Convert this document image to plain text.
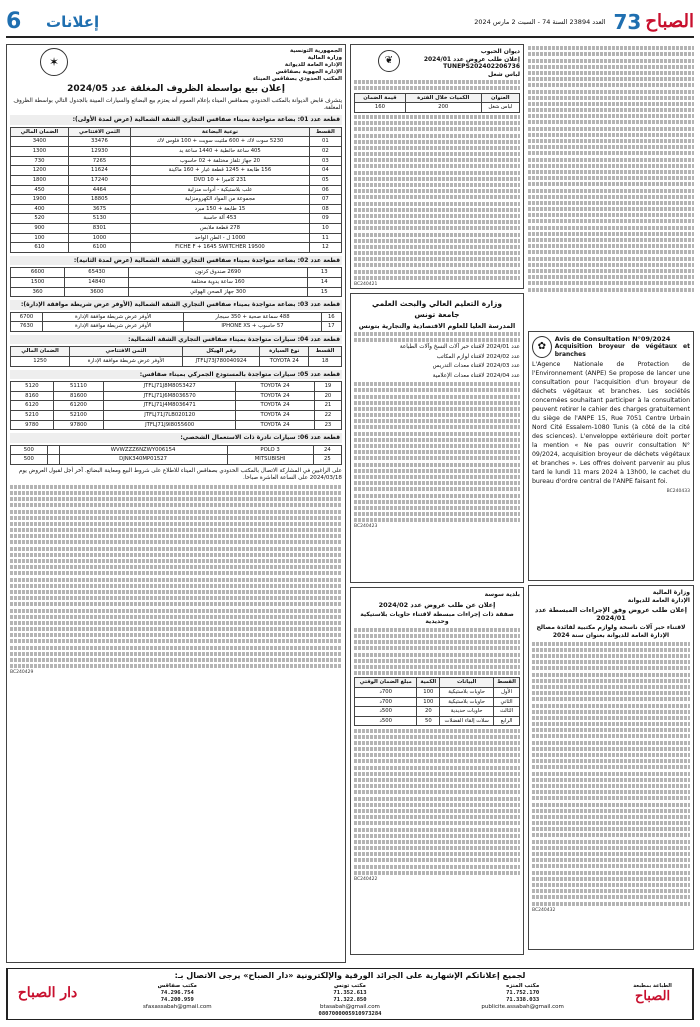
6	إعلانات	العدد 23894 السنة 74 - السبت 2 مارس 2024 الصباح
73
الجمهورية التونسية
وزارة المالية
الإدارة العامة للديوانة
الإدارة الجهوية بصفاقس
المكتب الحدودي بصفاقس الميناء
✶
إعلان بيع بواسطة الظروف المغلقة عدد 2024/05
يتشرف قابض الديوانة بالمكتب الحدودي بصفاقس الميناء بإعلام العموم أنه يعتزم بيع البضائع والسيارات المبينة بالجدول التالي بواسطة الظروف المغلقة.
قطعة عدد 01: بضاعة متواجدة بميناء صفاقس التجاري الشقة الشمالية (عرض لمدة الأولى):
القسط	نوعية البضاعة	الثمن الافتتاحي	الضمان المالي
01	5230 سوت لاك + 600 ملتيت سويت + 100 فلوس لاك	33476	3400
02	405 ساعة حائطية + 1440 ساعة يد	12930	1300
03	20 جهاز تلفاز مختلفة + 02 حاسوب	7265	730
04	156 طابعة + 1245 قطعة غيار + 160 ماكينة	11624	1200
05	231 كاميرا + DVD 10	17240	1800
06	علب بلاستيكية - أدوات منزلية	4464	450
07	مجموعة من المواد الكهرومنزلية	18805	1900
08	15 طابعة + 150 مبرد	3675	400
09	453 آلة حاسبة	5130	520
10	278 قطعة ملابس	8301	900
11	1000 ل - الطن الواحد	1000	100
12	19500 FICHE F + 1645 SWITCHER	6100	610
قطعة عدد 02: بضاعة متواجدة بميناء صفاقس التجاري الشقة الشمالية (عرض لمدة الثانية):
13	2690 صندوق كرتون	65430	6600
14	160 ساعة يدوية مختلفة	14840	1500
15	300 جهاز الصحن الهوائي	3600	360
قطعة عدد 03: بضاعة متواجدة بميناء صفاقس التجاري الشقة الشمالية (الأوفر عرض شريطة موافقة الإدارة):
16	488 سماعة صحية + 350 سيجار	الأوفر عرض شريطة موافقة الإدارة	6700
17	57 حاسوب + IPHONE XS	الأوفر عرض شريطة موافقة الإدارة	7630
قطعة عدد 04: سيارات متواجدة بميناء صفاقس التجاري الشقة الشمالية:
القسط	نوع السيارة	رقم الهيكل	الثمن الافتتاحي	الضمان المالي
18	TOYOTA 24	JTFLJ73J780040924	الأوفر عرض شريطة موافقة الإدارة	1250
قطعة عدد 05: سيارات متواجدة بالمستودع الجمركي بميناء صفاقس:
19	TOYOTA 24	JTFLJ71J8M8053427	51110	5120
20	TOYOTA 24	JTFLJ71J6M8036570	81600	8160
21	TOYOTA 24	JTFLJ71J4M8036471	61200	6120
22	TOYOTA 24	JTFLJ71J7LB020120	52100	5210
23	TOYOTA 24	JTFLJ71J9I8055600	97800	9780
قطعة عدد 06: سيارات نادرة ذات الاستعمال الشخصي:
24	POLO 3	WVWZZZ6NZWY006154		500
25	MITSUBISHI	DJNK340MP01527		500
على الراغبين في المشاركة الاتصال بالمكتب الحدودي بصفاقس الميناء للاطلاع على شروط البيع ومعاينة البضائع. آخر أجل لقبول العروض يوم 2024/03/18 على الساعة العاشرة صباحا.
BC240429
ديوان الحبوب
إعلان طلب عروض عدد 2024/01
TUNEPS202402206736
لباس شغل
❦
العنوان	الكميات خلال الفترة	قيمة الضمان
لباس شغل	200	160
BC240421
وزارة التعليم العالي والبحث العلمي
جامعة تونس
المدرسة العليا للعلوم الاقتصادية والتجارية بتونس
عدد 2024/01 لاقتناء حبر آلات النسخ وآلات الطباعة
عدد 2024/02 لاقتناء لوازم المكاتب
عدد 2024/03 لاقتناء معدات التدريس
عدد 2024/04 لاقتناء معدات الإعلامية
BC240423
بلدية سوسة
إعلان عن طلب عروض عدد 2024/02
صفقة ذات إجراءات مبسطة لاقتناء حاويات بلاستيكية وحديدية
القسط	البيانات	الكمية	مبلغ الضمان الوقتي
الأول	حاويات بلاستيكية	100	700د
الثاني	حاويات بلاستيكية	100	700د
الثالث	حاويات حديدية	20	500د
الرابع	سلات إلقاء الفضلات	50	500د
BC240422
✿
Avis de Consultation N°09/2024
Acquisition broyeur de végétaux et branches
L'Agence Nationale de Protection de l'Environnement (ANPE) Se propose de lancer une consultation pour l'acquisition d'un broyeur de déchets végétaux et branches. Les sociétés concernées souhaitant participer à la consultation peuvent retirer le cahier des charges gratuitement du siège de l'ANPE 15, Rue 7051 Centre Urbain Nord Cité Essalem-1080 Tunis (à côté de la cité des sciences). L'enveloppe extérieure doit porter la mention « Ne pas ouvrir consultation N° 09/2024, acquisition broyeur de déchets végétaux et branches ». Les offres doivent parvenir au plus tard le lundi 11 mars 2024 à 13h00, le cachet du bureau d'ordre central de l'ANPE faisant foi.
BC240433
وزارة المالية
الإدارة العامة للديوانة
إعلان طلب عروض وفق الإجراءات المبسطة عدد 2024/01
لاقتناء حبر آلات ناسخة ولوازم مكتبية لفائدة مصالح الإدارة العامة للديوانة بعنوان سنة 2024
BC240432
دار الصباح
لجميع إعلاناتكم الإشهارية على الجرائد الورقية والإلكترونية «دار الصباح» يرجى الاتصال بـ:
مكتب المنزه
71.752.170
71.338.033
publicite.assabah@gmail.com
مكتب تونس
71.352.613
71.322.850
btasabah@gmail.com
مكتب صفاقس
74.296.754
74.200.959
sfaxassabah@gmail.com
0807000005910973284
الطباعة بمطبعة
الصباح
